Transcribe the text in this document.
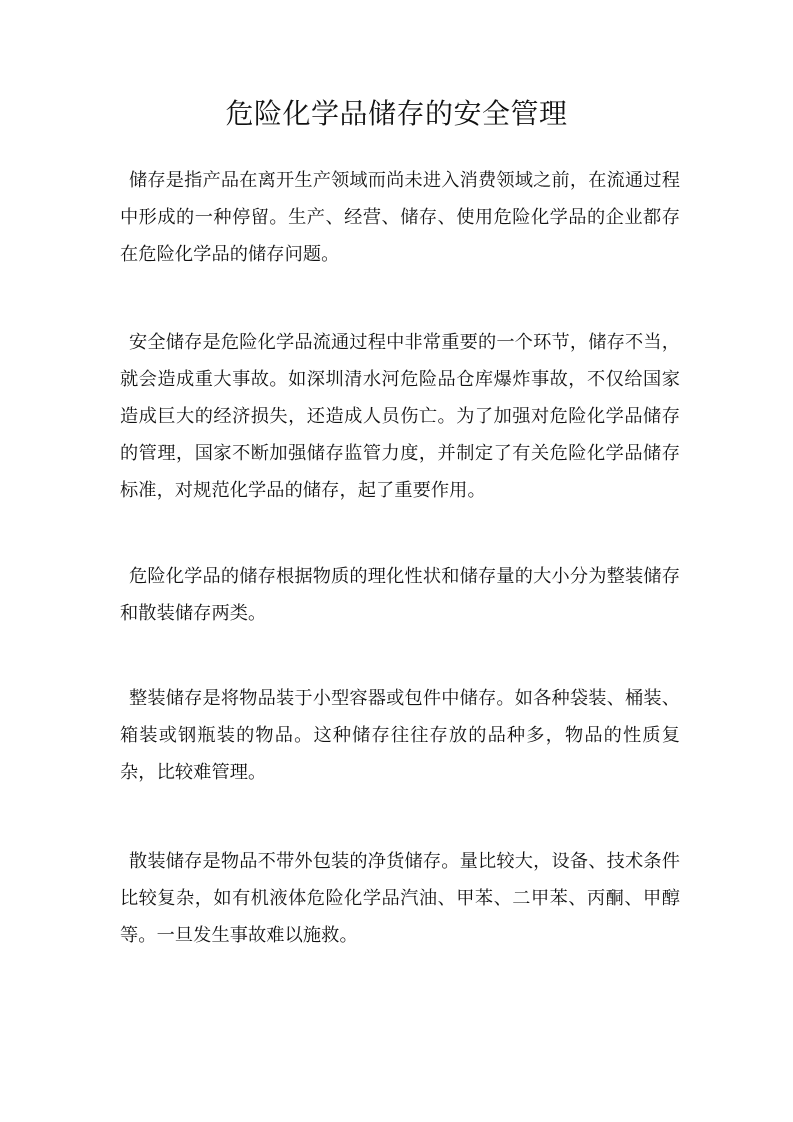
危险化学品储存的安全管理

储存是指产品在离开生产领域而尚未进入消费领域之前，在流通过程中形成的一种停留。生产、经营、储存、使用危险化学品的企业都存在危险化学品的储存问题。

安全储存是危险化学品流通过程中非常重要的一个环节，储存不当，就会造成重大事故。如深圳清水河危险品仓库爆炸事故，不仅给国家造成巨大的经济损失，还造成人员伤亡。为了加强对危险化学品储存的管理，国家不断加强储存监管力度，并制定了有关危险化学品储存标准，对规范化学品的储存，起了重要作用。

危险化学品的储存根据物质的理化性状和储存量的大小分为整装储存和散装储存两类。

整装储存是将物品装于小型容器或包件中储存。如各种袋装、桶装、箱装或钢瓶装的物品。这种储存往往存放的品种多，物品的性质复杂，比较难管理。

散装储存是物品不带外包装的净货储存。量比较大，设备、技术条件比较复杂，如有机液体危险化学品汽油、甲苯、二甲苯、丙酮、甲醇等。一旦发生事故难以施救。
